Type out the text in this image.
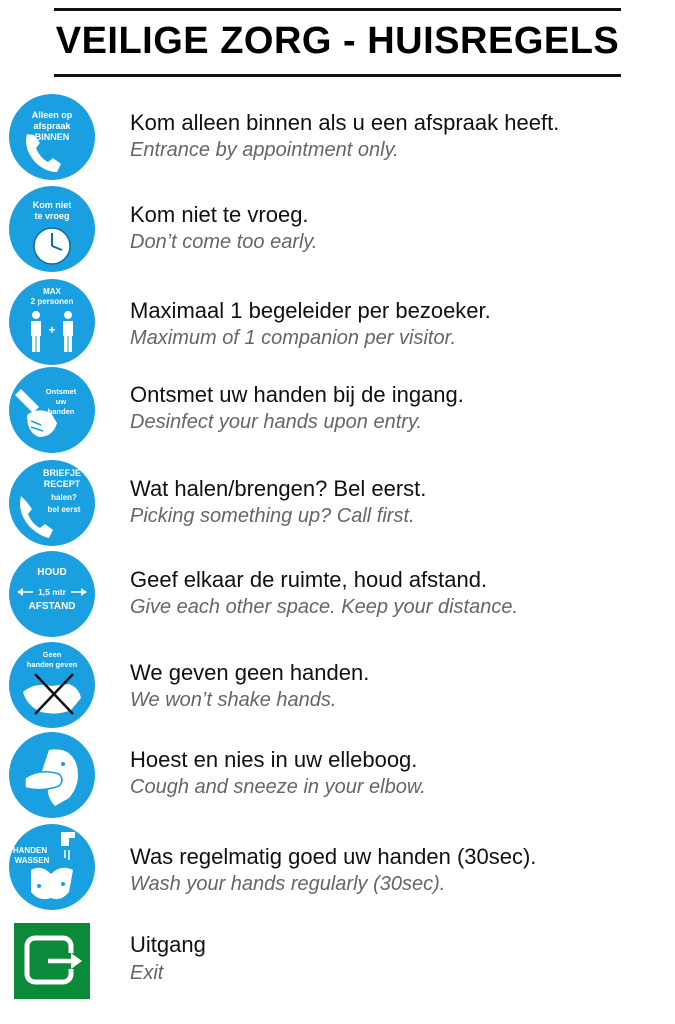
VEILIGE ZORG - HUISREGELS
Alleen op
afspraak
BINNEN
Kom alleen binnen als u een afspraak heeft.
Entrance by appointment only.
Kom niet
te vroeg	Kom niet te vroeg.
Don’t come too early.
+
MAX
2 personen	Maximaal 1 begeleider per bezoeker.
Maximum of 1 companion per visitor.
Ontsmet
uw
handen
Ontsmet uw handen bij de ingang.
Desinfect your hands upon entry.
BRIEFJE
RECEPT
halen?
bel eerst
Wat halen/brengen? Bel eerst.
Picking something up? Call first.
HOUD
1,5 mtr
AFSTAND
Geef elkaar de ruimte, houd afstand.
Give each other space. Keep your distance.
Geen
handen geven	We geven geen handen.
We won’t shake hands.
Hoest en nies in uw elleboog.
Cough and sneeze in your elbow.
HANDEN
WASSEN	Was regelmatig goed uw handen (30sec).
Wash your hands regularly (30sec).
Uitgang
Exit
